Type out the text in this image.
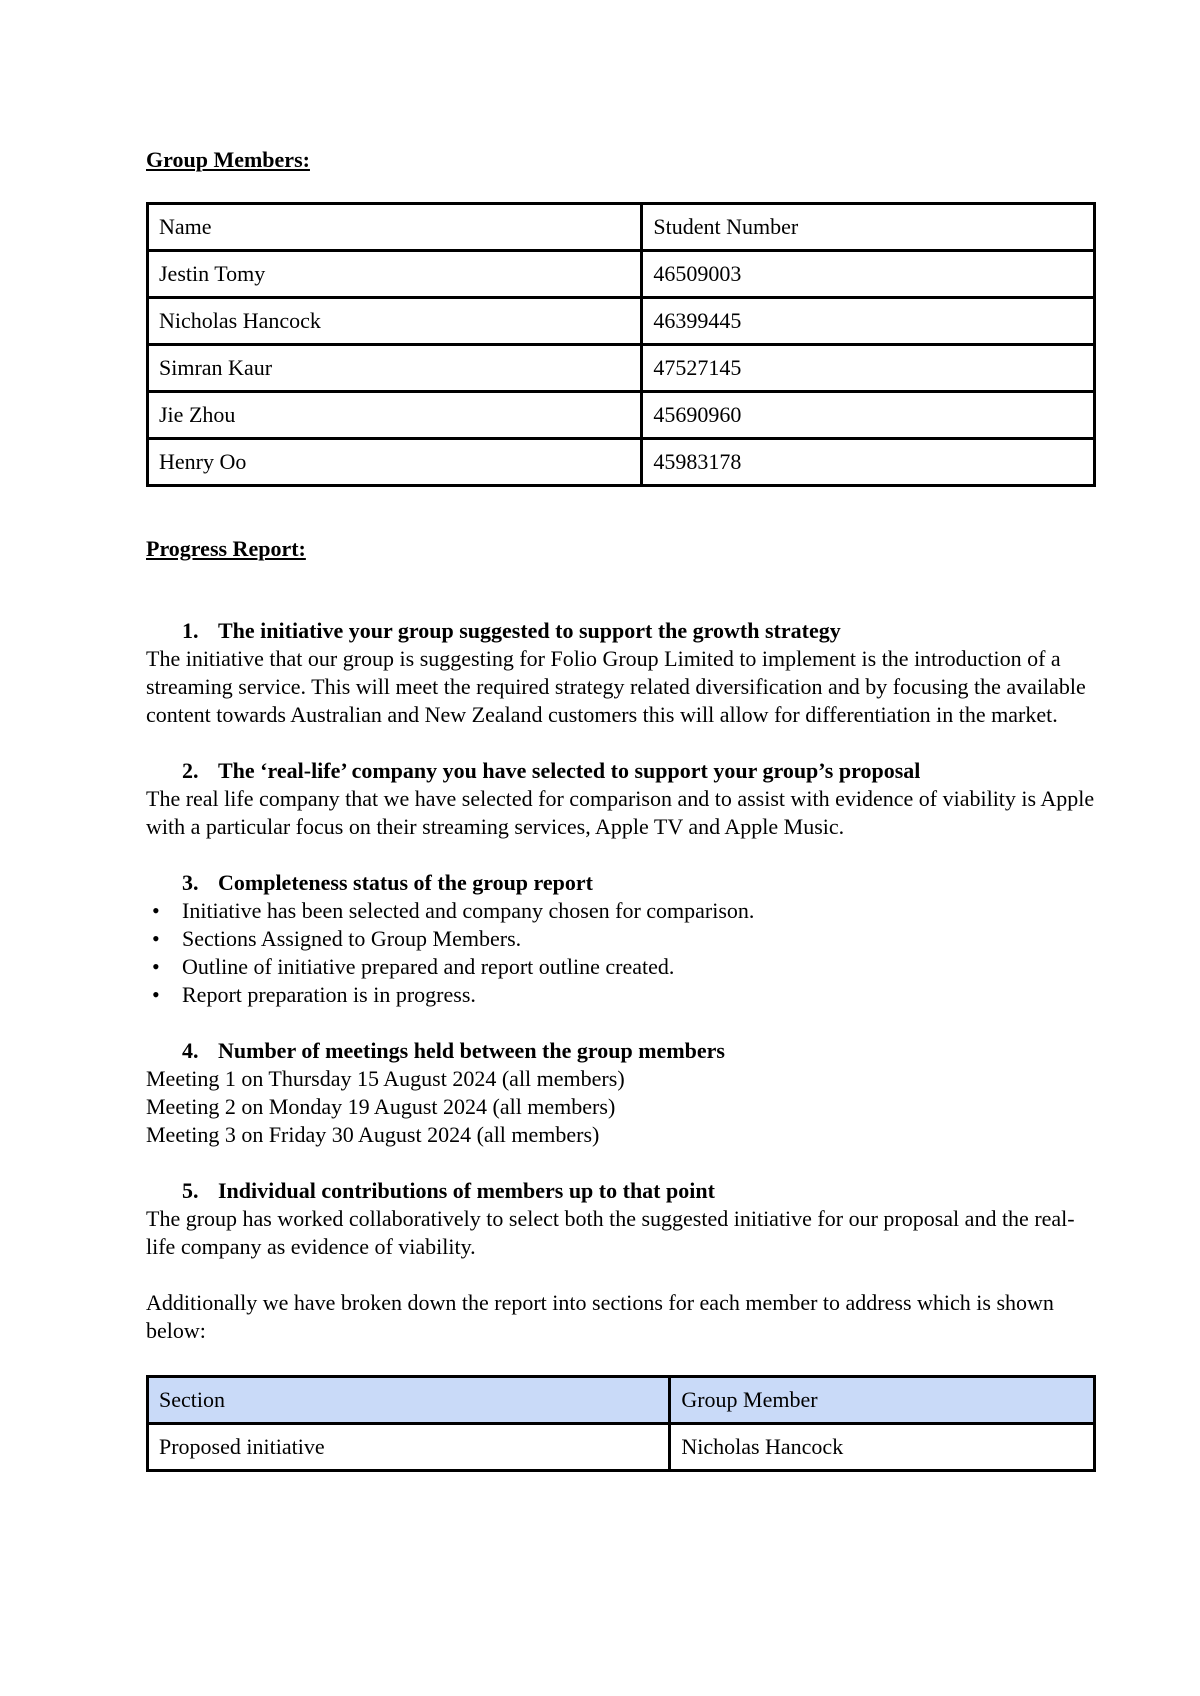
Group Members:

Name	Student Number
Jestin Tomy	46509003
Nicholas Hancock	46399445
Simran Kaur	47527145
Jie Zhou	45690960
Henry Oo	45983178

Progress Report:

1. The initiative your group suggested to support the growth strategy

The initiative that our group is suggesting for Folio Group Limited to implement is the introduction of a streaming service. This will meet the required strategy related diversification and by focusing the available content towards Australian and New Zealand customers this will allow for differentiation in the market.

2. The ‘real-life’ company you have selected to support your group’s proposal

The real life company that we have selected for comparison and to assist with evidence of viability is Apple with a particular focus on their streaming services, Apple TV and Apple Music.

3. Completeness status of the group report

• Initiative has been selected and company chosen for comparison.
• Sections Assigned to Group Members.
• Outline of initiative prepared and report outline created.
• Report preparation is in progress.

4. Number of meetings held between the group members

Meeting 1 on Thursday 15 August 2024 (all members)

Meeting 2 on Monday 19 August 2024 (all members)

Meeting 3 on Friday 30 August 2024 (all members)

5. Individual contributions of members up to that point

The group has worked collaboratively to select both the suggested initiative for our proposal and the real-life company as evidence of viability.

Additionally we have broken down the report into sections for each member to address which is shown below:

Section	Group Member
Proposed initiative	Nicholas Hancock
